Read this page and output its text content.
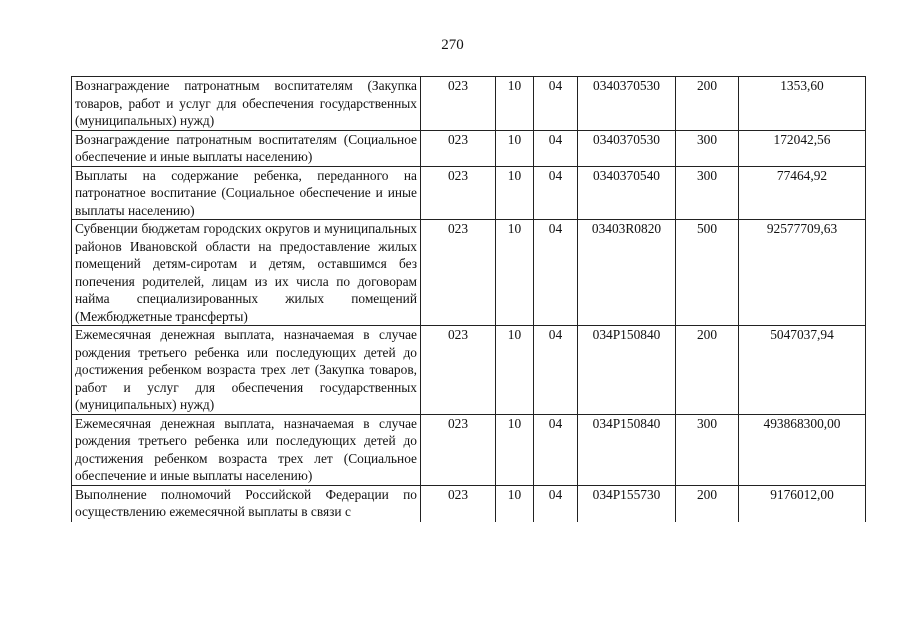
270
Вознаграждение патронатным воспитателям (Закупка товаров, работ и услуг для обеспечения государственных (муниципальных) нужд)	023	10	04	0340370530	200	1353,60
Вознаграждение патронатным воспитателям (Социальное обеспечение и иные выплаты населению)	023	10	04	0340370530	300	172042,56
Выплаты на содержание ребенка, переданного на патронатное воспитание (Социальное обеспечение и иные выплаты населению)	023	10	04	0340370540	300	77464,92
Субвенции бюджетам городских округов и муниципальных районов Ивановской области на предоставление жилых помещений детям-сиротам и детям, оставшимся без попечения родителей, лицам из их числа по договорам найма специализированных жилых помещений (Межбюджетные трансферты)	023	10	04	03403R0820	500	92577709,63
Ежемесячная денежная выплата, назначаемая в случае рождения третьего ребенка или последующих детей до достижения ребенком возраста трех лет (Закупка товаров, работ и услуг для обеспечения государственных (муниципальных) нужд)	023	10	04	034P150840	200	5047037,94
Ежемесячная денежная выплата, назначаемая в случае рождения третьего ребенка или последующих детей до достижения ребенком возраста трех лет (Социальное обеспечение и иные выплаты населению)	023	10	04	034P150840	300	493868300,00

Выполнение полномочий Российской Федерации по осуществлению ежемесячной выплаты в связи с	023	10	04	034P155730	200	9176012,00
